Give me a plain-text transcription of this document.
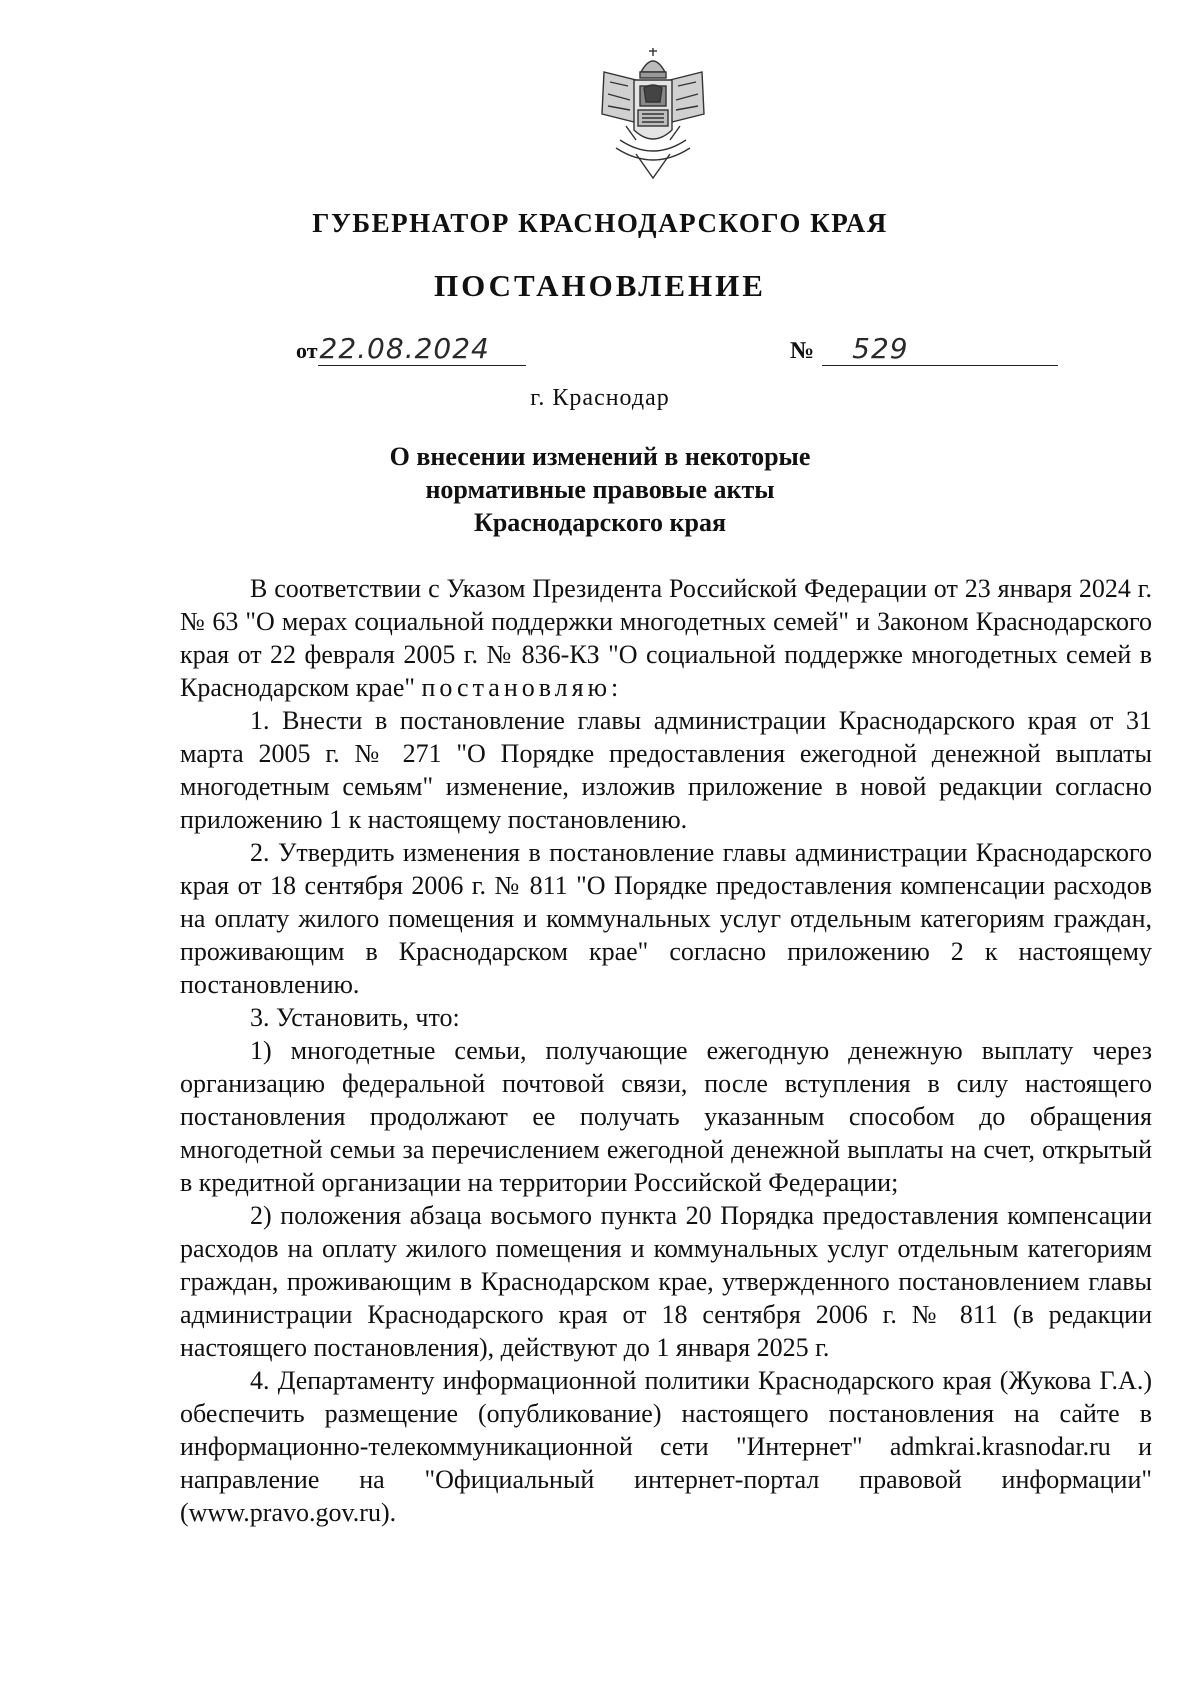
ГУБЕРНАТОР КРАСНОДАРСКОГО КРАЯ
ПОСТАНОВЛЕНИЕ
от22.08.2024	№ 529
г. Краснодар
О внесении изменений в некоторые
нормативные правовые акты
Краснодарского края

В соответствии с Указом Президента Российской Федерации от 23 января 2024 г. № 63 "О мерах социальной поддержки многодетных семей" и Законом Краснодарского края от 22 февраля 2005 г. № 836-КЗ "О социальной поддержке многодетных семей в Краснодарском крае" постановляю:

1. Внести в постановление главы администрации Краснодарского края от 31 марта 2005 г. № 271 "О Порядке предоставления ежегодной денежной выплаты многодетным семьям" изменение, изложив приложение в новой редакции согласно приложению 1 к настоящему постановлению.

2. Утвердить изменения в постановление главы администрации Краснодарского края от 18 сентября 2006 г. № 811 "О Порядке предоставления компенсации расходов на оплату жилого помещения и коммунальных услуг отдельным категориям граждан, проживающим в Краснодарском крае" согласно приложению 2 к настоящему постановлению.

3. Установить, что:

1) многодетные семьи, получающие ежегодную денежную выплату через организацию федеральной почтовой связи, после вступления в силу настоящего постановления продолжают ее получать указанным способом до обращения многодетной семьи за перечислением ежегодной денежной выплаты на счет, открытый в кредитной организации на территории Российской Федерации;

2) положения абзаца восьмого пункта 20 Порядка предоставления компенсации расходов на оплату жилого помещения и коммунальных услуг отдельным категориям граждан, проживающим в Краснодарском крае, утвержденного постановлением главы администрации Краснодарского края от 18 сентября 2006 г. № 811 (в редакции настоящего постановления), действуют до 1 января 2025 г.

4. Департаменту информационной политики Краснодарского края (Жукова Г.А.) обеспечить размещение (опубликование) настоящего постановления на сайте в информационно-телекоммуникационной сети "Интернет" admkrai.krasnodar.ru и направление на "Официальный интернет-портал правовой информации" (www.pravo.gov.ru).
